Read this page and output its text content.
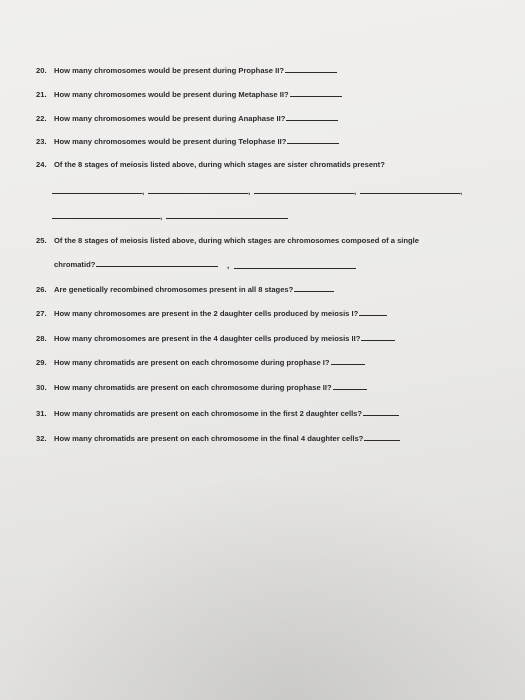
20. How many chromosomes would be present during Prophase II?
21. How many chromosomes would be present during Metaphase II?
22. How many chromosomes would be present during Anaphase II?
23. How many chromosomes would be present during Telophase II?
24. Of the 8 stages of meiosis listed above, during which stages are sister chromatids present?
,	,	,	,
,
25. Of the 8 stages of meiosis listed above, during which stages are chromosomes composed of a single
chromatid?	,
26. Are genetically recombined chromosomes present in all 8 stages?
27. How many chromosomes are present in the 2 daughter cells produced by meiosis I?
28. How many chromosomes are present in the 4 daughter cells produced by meiosis II?
29. How many chromatids are present on each chromosome during prophase I?
30. How many chromatids are present on each chromosome during prophase II?
31. How many chromatids are present on each chromosome in the first 2 daughter cells?
32. How many chromatids are present on each chromosome in the final 4 daughter cells?
